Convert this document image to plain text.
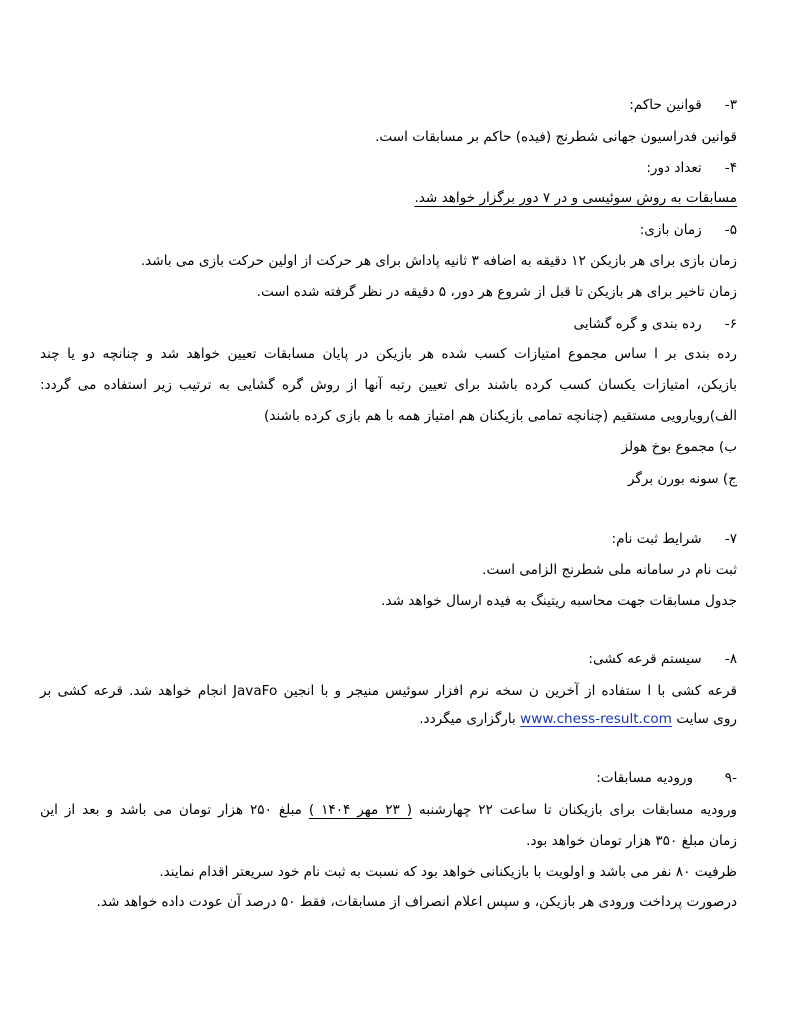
۳-    قوانین حاکم:
قوانین فدراسیون جهانی شطرنج (فیده) حاکم بر مسابقات است.
۴-    تعداد دور:
مسابقات به روش سوئیسی و در ۷ دور برگزار خواهد شد.
۵-    زمان بازی:
زمان بازی برای هر بازیکن ۱۲ دقیقه به اضافه ۳ ثانیه پاداش برای هر حرکت از اولین حرکت بازی می باشد.
زمان تاخیر برای هر بازیکن تا قبل از شروع هر دور، ۵ دقیقه در نظر گرفته شده است.
۶-    رده بندی و گره گشایی
رده بندی بر ا ساس مجموع امتیازات کسب شده هر بازیکن در پایان مسابقات تعیین خواهد شد و چنانچه دو یا چند
بازیکن، امتیازات یکسان کسب کرده باشند برای تعیین رتبه آنها از روش گره گشایی به ترتیب زیر استفاده می گردد:
الف)رویارویی مستقیم (چنانچه تمامی بازیکنان هم امتیاز همه با هم بازی کرده باشند)
ب) مجموع بوخ هولز
ج) سونه بورن برگر
۷-    شرایط ثبت نام:
ثبت نام در سامانه ملی شطرنج الزامی است.
جدول مسابقات جهت محاسبه ریتینگ به فیده ارسال خواهد شد.
۸-    سیستم قرعه کشی:
قرعه کشی با ا ستفاده از آخرین ن سخه نرم افزار سوئیس منیجر و با انجین JavaFo انجام خواهد شد. قرعه کشی بر
روی سایت www.chess-result.com بارگزاری میگردد.
-۹      ورودیه مسابقات:
ورودیه مسابقات برای بازیکنان تا ساعت ۲۲ چهارشنبه ( ۲۳ مهر ۱۴۰۴ ) مبلغ ۲۵۰ هزار تومان می باشد و بعد از این
زمان مبلغ ۳۵۰ هزار تومان خواهد بود.
ظرفیت ۸۰ نفر می باشد و اولویت با بازیکنانی خواهد بود که نسبت به ثبت نام خود سریعتر اقدام نمایند.
درصورت پرداخت ورودی هر بازیکن، و سپس اعلام انصراف از مسابقات، فقط ۵۰ درصد آن عودت داده خواهد شد.
